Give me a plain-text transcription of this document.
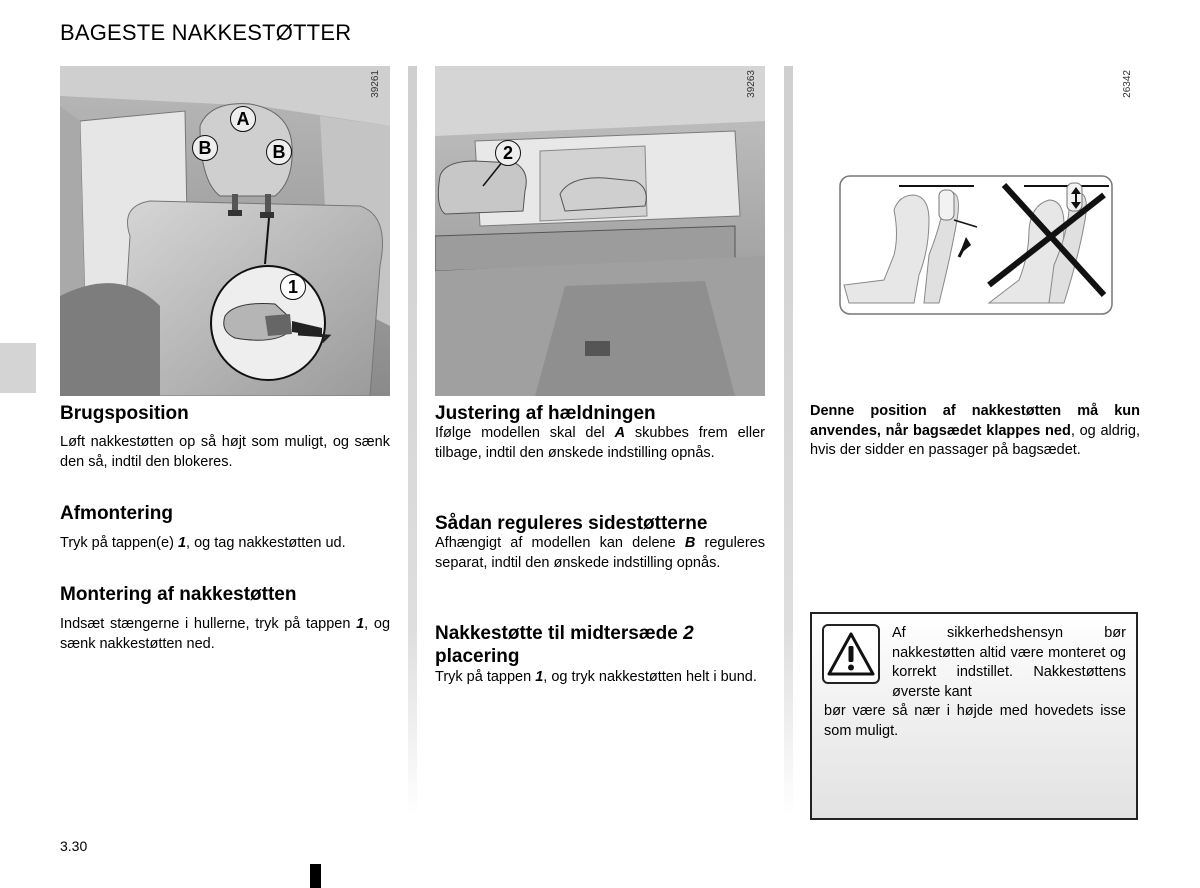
BAGESTE NAKKESTØTTER
A
B	B
1
39261
2
39263	26342
Brugsposition
Løft nakkestøtten op så højt som muligt, og sænk den så, indtil den blokeres.
Afmontering
Tryk på tappen(e) 1, og tag nakkestøtten ud.
Montering af nakkestøtten
Indsæt stængerne i hullerne, tryk på tappen 1, og sænk nakkestøtten ned.
Justering af hældningen
Ifølge modellen skal del A skubbes frem eller tilbage, indtil den ønskede indstilling opnås.
Sådan reguleres sidestøtterne
Afhængigt af modellen kan delene B reguleres separat, indtil den ønskede indstilling opnås.
Nakkestøtte til midtersæde 2
placering
Tryk på tappen 1, og tryk nakkestøtten helt i bund.
Denne position af nakkestøtten må kun anvendes, når bagsædet klappes ned, og aldrig, hvis der sidder en passager på bagsædet.
Af sikkerhedshensyn bør nakkestøtten altid være monteret og korrekt indstillet. Nakkestøttens øverste kant
bør være så nær i højde med hovedets isse som muligt.
3.30
